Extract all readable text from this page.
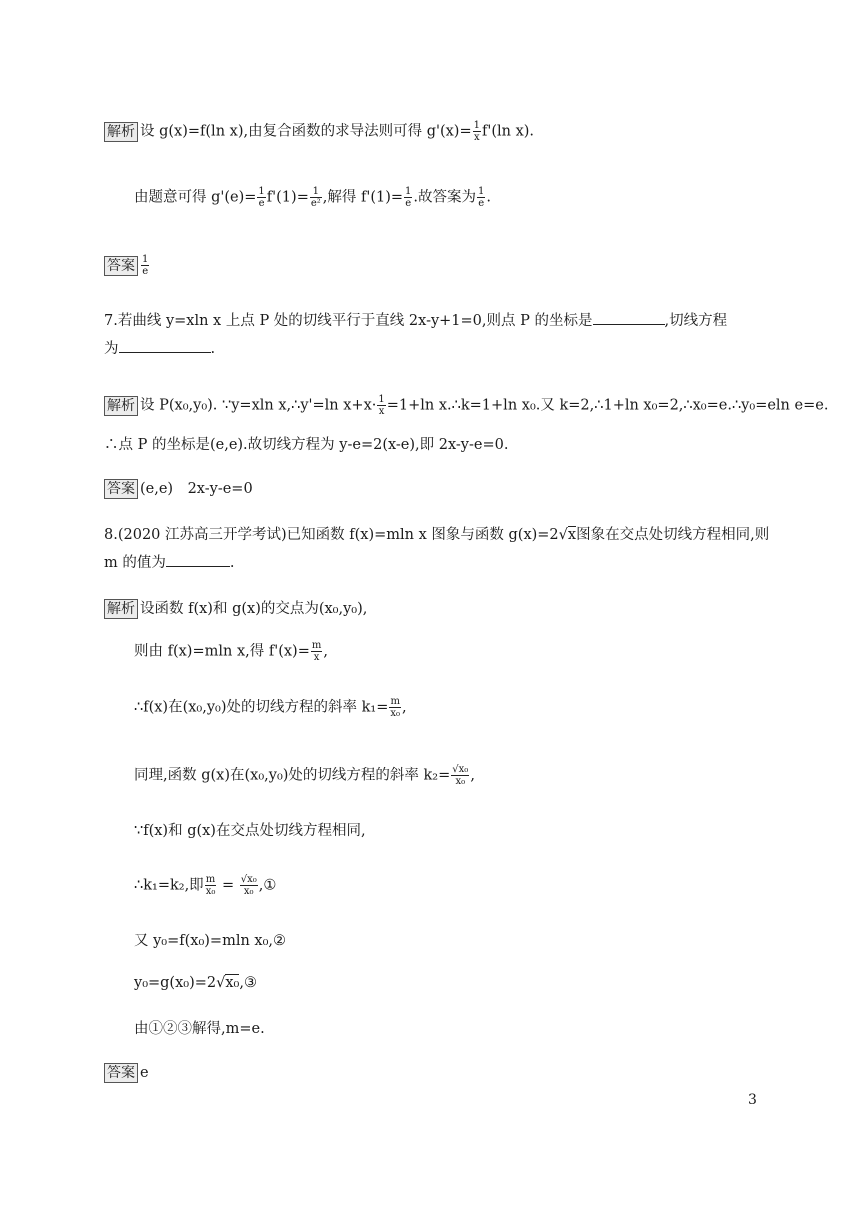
解析 设 g(x)=f(ln x),由复合函数的求导法则可得 $g'(x)= \frac{1}{x} f'(\ln$ x).
由题意可得 $g'(e)= \frac{1}{e} f'(1)= \frac{1}{\text{e²}}$ ,解得 $f'(1)= \frac{1}{e}$ .故答案为 $\frac{1}{e}$ .
答案 $\frac{1}{e}$
7.若曲线 y=xln x 上点 P 处的切线平行于直线 2x-y+1=0,则点 P 的坐标是	,切线方程
为	.
解析 设 P(x₀,y₀). ∵y=xln x,∴y'=ln $x+x\cdot \frac{1}{x} =1+\ln$ x.∴k=1+ln x₀.又 k=2,∴1+ln x₀=2,∴x₀=e.∴y₀=eln e=e.
∴点 P 的坐标是(e,e).故切线方程为 y-e=2(x-e),即 2x-y-e=0.
答案 (e,e)　2x-y-e=0
8.(2020 江苏高三开学考试)已知函数 f(x)=mln x 图象与函数 g(x)=2√x图象在交点处切线方程相同,则
m 的值为	.
解析 设函数 f(x)和 g(x)的交点为(x₀,y₀),
则由 f(x)=mln x,得 $f'(x)= \frac{m}{x}$ ,
∴f(x)在(x₀,y₀)处的切线方程的斜率 $k_1= \frac{m}{\text{x₀}}$ ,
同理,函数 g(x)在(x₀,y₀)处的切线方程的斜率 $k_2= \frac{\text{√x₀}}{\text{x₀}}$ ,
∵f(x)和 g(x)在交点处切线方程相同,
∴k₁=k₂,即 $\frac{m}{\text{x₀}} = \frac{\text{√x₀}}{\text{x₀}}$ ,①
又 y₀=f(x₀)=mln x₀,②
y₀=g(x₀)=2√x₀,③
由①②③解得,m=e.
答案 e
3
